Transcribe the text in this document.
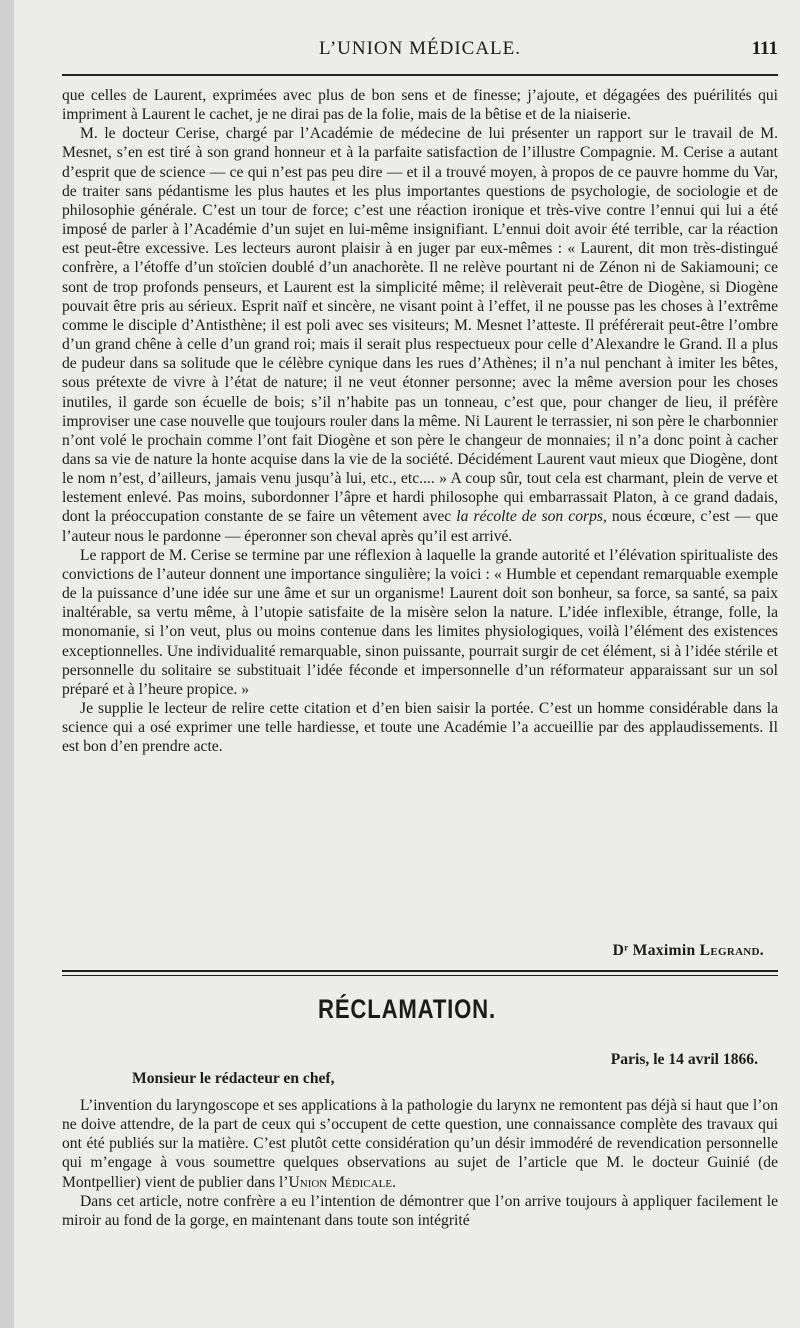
L’UNION MÉDICALE.	111

que celles de Laurent, exprimées avec plus de bon sens et de finesse; j’ajoute, et dégagées des puérilités qui impriment à Laurent le cachet, je ne dirai pas de la folie, mais de la bêtise et de la niaiserie.

M. le docteur Cerise, chargé par l’Académie de médecine de lui présenter un rapport sur le travail de M. Mesnet, s’en est tiré à son grand honneur et à la parfaite satisfaction de l’illustre Compagnie. M. Cerise a autant d’esprit que de science — ce qui n’est pas peu dire — et il a trouvé moyen, à propos de ce pauvre homme du Var, de traiter sans pédantisme les plus hautes et les plus importantes questions de psychologie, de sociologie et de philosophie générale. C’est un tour de force; c’est une réaction ironique et très-vive contre l’ennui qui lui a été imposé de parler à l’Académie d’un sujet en lui-même insignifiant. L’ennui doit avoir été terrible, car la réaction est peut-être excessive. Les lecteurs auront plaisir à en juger par eux-mêmes : « Laurent, dit mon très-distingué confrère, a l’étoffe d’un stoïcien doublé d’un anachorète. Il ne relève pourtant ni de Zénon ni de Sakiamouni; ce sont de trop profonds penseurs, et Laurent est la simplicité même; il relèverait peut-être de Diogène, si Diogène pouvait être pris au sérieux. Esprit naïf et sincère, ne visant point à l’effet, il ne pousse pas les choses à l’extrême comme le disciple d’Antisthène; il est poli avec ses visiteurs; M. Mesnet l’atteste. Il préférerait peut-être l’ombre d’un grand chêne à celle d’un grand roi; mais il serait plus respectueux pour celle d’Alexandre le Grand. Il a plus de pudeur dans sa solitude que le célèbre cynique dans les rues d’Athènes; il n’a nul penchant à imiter les bêtes, sous prétexte de vivre à l’état de nature; il ne veut étonner personne; avec la même aversion pour les choses inutiles, il garde son écuelle de bois; s’il n’habite pas un tonneau, c’est que, pour changer de lieu, il préfère improviser une case nouvelle que toujours rouler dans la même. Ni Laurent le terrassier, ni son père le charbonnier n’ont volé le prochain comme l’ont fait Diogène et son père le changeur de monnaies; il n’a donc point à cacher dans sa vie de nature la honte acquise dans la vie de la société. Décidément Laurent vaut mieux que Diogène, dont le nom n’est, d’ailleurs, jamais venu jusqu’à lui, etc., etc.... » A coup sûr, tout cela est charmant, plein de verve et lestement enlevé. Pas moins, subordonner l’âpre et hardi philosophe qui embarrassait Platon, à ce grand dadais, dont la préoccupation constante de se faire un vêtement avec la récolte de son corps, nous écœure, c’est — que l’auteur nous le pardonne — éperonner son cheval après qu’il est arrivé.

Le rapport de M. Cerise se termine par une réflexion à laquelle la grande autorité et l’élévation spiritualiste des convictions de l’auteur donnent une importance singulière; la voici : « Humble et cependant remarquable exemple de la puissance d’une idée sur une âme et sur un organisme! Laurent doit son bonheur, sa force, sa santé, sa paix inaltérable, sa vertu même, à l’utopie satisfaite de la misère selon la nature. L’idée inflexible, étrange, folle, la monomanie, si l’on veut, plus ou moins contenue dans les limites physiologiques, voilà l’élément des existences exceptionnelles. Une individualité remarquable, sinon puissante, pourrait surgir de cet élément, si à l’idée stérile et personnelle du solitaire se substituait l’idée féconde et impersonnelle d’un réformateur apparaissant sur un sol préparé et à l’heure propice. »

Je supplie le lecteur de relire cette citation et d’en bien saisir la portée. C’est un homme considérable dans la science qui a osé exprimer une telle hardiesse, et toute une Académie l’a accueillie par des applaudissements. Il est bon d’en prendre acte.

Dʳ Maximin Legrand.
RÉCLAMATION.
Paris, le 14 avril 1866.
Monsieur le rédacteur en chef,

L’invention du laryngoscope et ses applications à la pathologie du larynx ne remontent pas déjà si haut que l’on ne doive attendre, de la part de ceux qui s’occupent de cette question, une connaissance complète des travaux qui ont été publiés sur la matière. C’est plutôt cette considération qu’un désir immodéré de revendication personnelle qui m’engage à vous soumettre quelques observations au sujet de l’article que M. le docteur Guinié (de Montpellier) vient de publier dans l’Union Médicale.

Dans cet article, notre confrère a eu l’intention de démontrer que l’on arrive toujours à appliquer facilement le miroir au fond de la gorge, en maintenant dans toute son intégrité
